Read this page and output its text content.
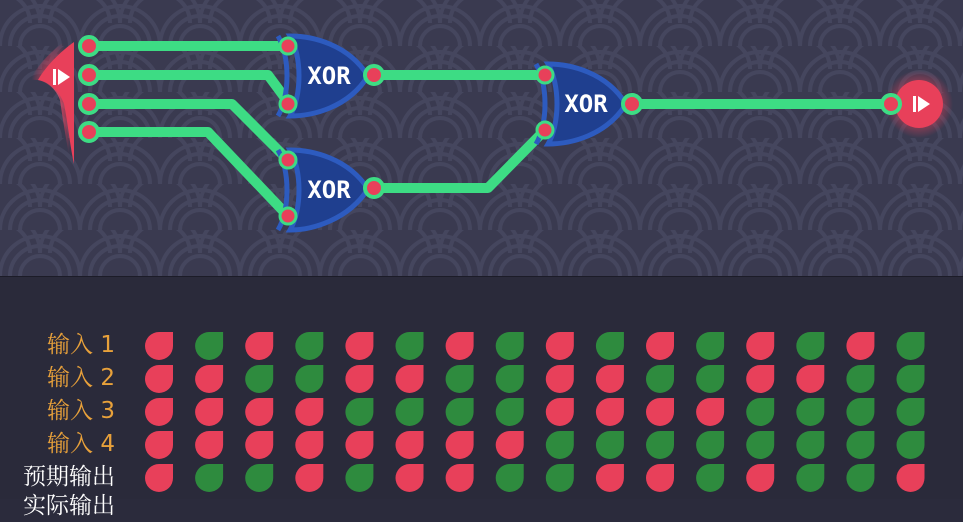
XOR
XOR
XOR
输入 1
输入 2
输入 3
输入 4
预期输出
实际输出
